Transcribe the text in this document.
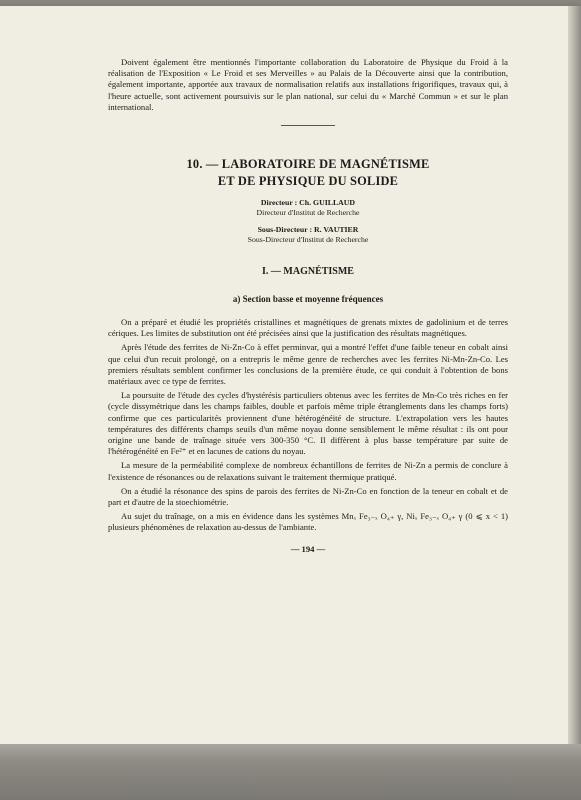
Doivent également être mentionnés l'importante collaboration du Laboratoire de Physique du Froid à la réalisation de l'Exposition « Le Froid et ses Merveilles » au Palais de la Découverte ainsi que la contribution, également importante, apportée aux travaux de normalisation relatifs aux installations frigorifiques, travaux qui, à l'heure actuelle, sont activement poursuivis sur le plan national, sur celui du « Marché Commun » et sur le plan international.

10. — LABORATOIRE DE MAGNÉTISME
ET DE PHYSIQUE DU SOLIDE
Directeur : Ch. GUILLAUD
Directeur d'Institut de Recherche
Sous-Directeur : R. VAUTIER
Sous-Directeur d'Institut de Recherche
I. — MAGNÉTISME
a) Section basse et moyenne fréquences

On a préparé et étudié les propriétés cristallines et magnétiques de grenats mixtes de gadolinium et de terres cériques. Les limites de substitution ont été précisées ainsi que la justification des résultats magnétiques.

Après l'étude des ferrites de Ni-Zn-Co à effet perminvar, qui a montré l'effet d'une faible teneur en cobalt ainsi que celui d'un recuit prolongé, on a entrepris le même genre de recherches avec les ferrites Ni-Mn-Zn-Co. Les premiers résultats semblent confirmer les conclusions de la première étude, ce qui conduit à l'obtention de bons matériaux avec ce type de ferrites.

La poursuite de l'étude des cycles d'hystérésis particuliers obtenus avec les ferrites de Mn-Co très riches en fer (cycle dissymétrique dans les champs faibles, double et parfois même triple étranglements dans les champs forts) confirme que ces particularités proviennent d'une hétérogénéité de structure. L'extrapolation vers les hautes températures des différents champs seuils d'un même noyau donne sensiblement le même résultat : ils ont pour origine une bande de traînage située vers 300-350 °C. Il diffèrent à plus basse température par suite de l'hétérogénéité en Fe²⁺ et en lacunes de cations du noyau.

La mesure de la perméabilité complexe de nombreux échantillons de ferrites de Ni-Zn a permis de conclure à l'existence de résonances ou de relaxations suivant le traitement thermique pratiqué.

On a étudié la résonance des spins de parois des ferrites de Ni-Zn-Co en fonction de la teneur en cobalt et de part et d'autre de la stoechiométrie.

Au sujet du traînage, on a mis en évidence dans les systèmes Mnₓ Fe₃₋ₓ O₄₊ γ, Niₓ Fe₃₋ₓ O₄₊ γ (0 ⩽ x < 1) plusieurs phénomènes de relaxation au-dessus de l'ambiante.

— 194 —
